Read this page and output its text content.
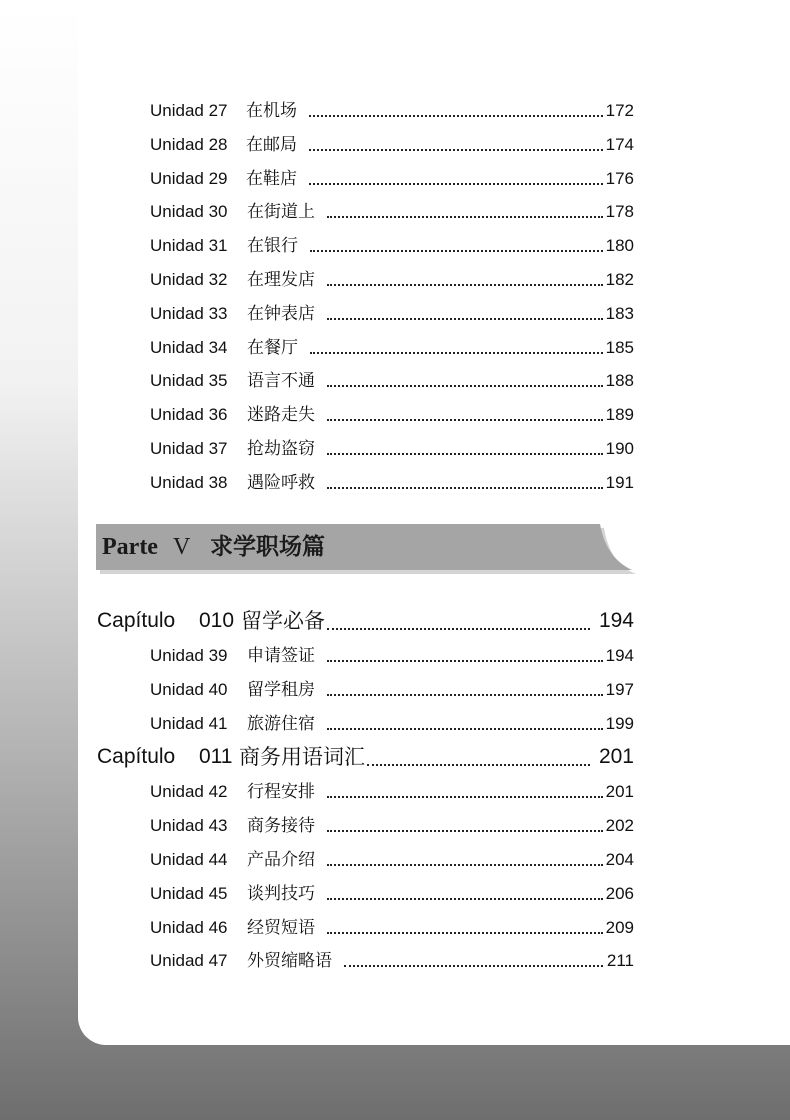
Unidad 27 在机场	172
Unidad 28 在邮局	174
Unidad 29 在鞋店	176
Unidad 30 在街道上	178
Unidad 31 在银行	180
Unidad 32 在理发店	182
Unidad 33 在钟表店	183
Unidad 34 在餐厅	185
Unidad 35 语言不通	188
Unidad 36 迷路走失	189
Unidad 37 抢劫盗窃	190
Unidad 38 遇险呼救	191
Parte V 求学职场篇
Capítulo 010 留学必备	194
Unidad 39 申请签证	194
Unidad 40 留学租房	197
Unidad 41 旅游住宿	199
Capítulo 011 商务用语词汇	201
Unidad 42 行程安排	201
Unidad 43 商务接待	202
Unidad 44 产品介绍	204
Unidad 45 谈判技巧	206
Unidad 46 经贸短语	209
Unidad 47 外贸缩略语	211
